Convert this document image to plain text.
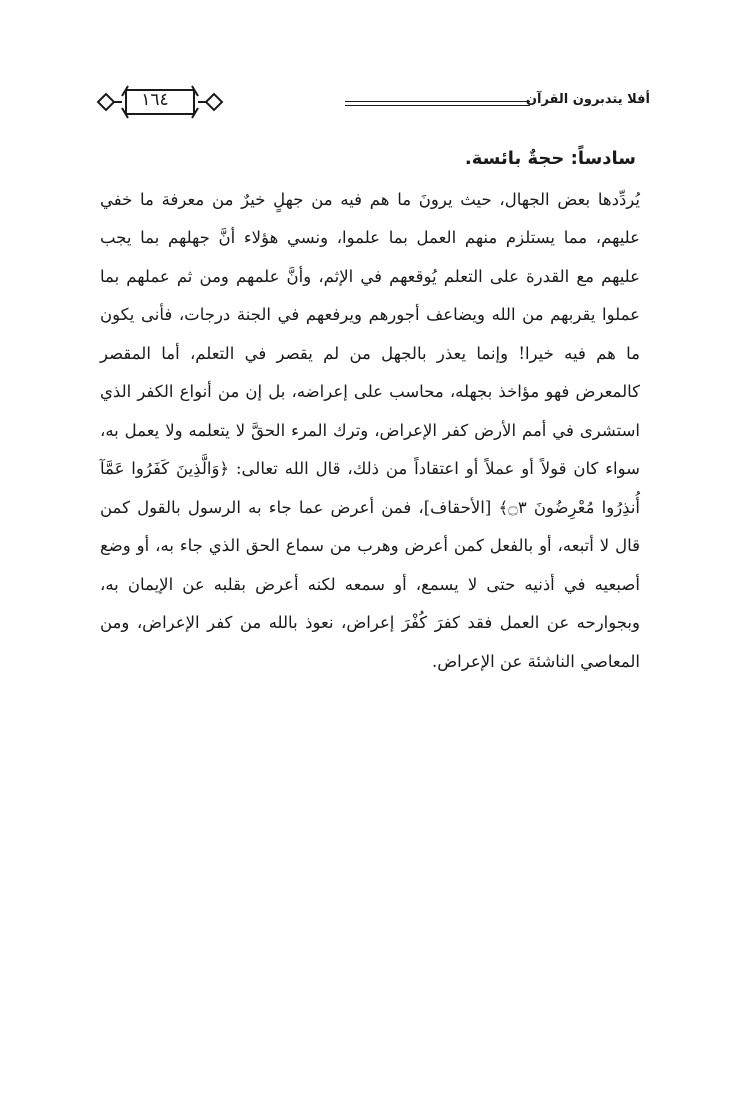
١٦٤	أفلا يتدبرون القرآن

سادساً: حجةٌ بائسة.

يُردِّدها بعض الجهال، حيث يرونَ ما هم فيه من جهلٍ خيرٌ من معرفة ما خفي عليهم، مما يستلزم منهم العمل بما علموا، ونسي هؤلاء أنَّ جهلهم بما يجب عليهم مع القدرة على التعلم يُوقعهم في الإثم، وأنَّ علمهم ومن ثم عملهم بما عملوا يقربهم من الله ويضاعف أجورهم ويرفعهم في الجنة درجات، فأنى يكون ما هم فيه خيرا! وإنما يعذر بالجهل من لم يقصر في التعلم، أما المقصر كالمعرض فهو مؤاخذ بجهله، محاسب على إعراضه، بل إن من أنواع الكفر الذي استشرى في أمم الأرض كفر الإعراض، وترك المرء الحقَّ لا يتعلمه ولا يعمل به، سواء كان قولاً أو عملاً أو اعتقاداً من ذلك، قال الله تعالى: ﴿وَالَّذِينَ كَفَرُوا عَمَّآ أُنذِرُوا مُعْرِضُونَ ۝٣﴾ [الأحقاف]، فمن أعرض عما جاء به الرسول بالقول كمن قال لا أتبعه، أو بالفعل كمن أعرض وهرب من سماع الحق الذي جاء به، أو وضع أصبعيه في أذنيه حتى لا يسمع، أو سمعه لكنه أعرض بقلبه عن الإيمان به، وبجوارحه عن العمل فقد كفرَ كُفْرَ إعراض، نعوذ بالله من كفر الإعراض، ومن المعاصي الناشئة عن الإعراض.
